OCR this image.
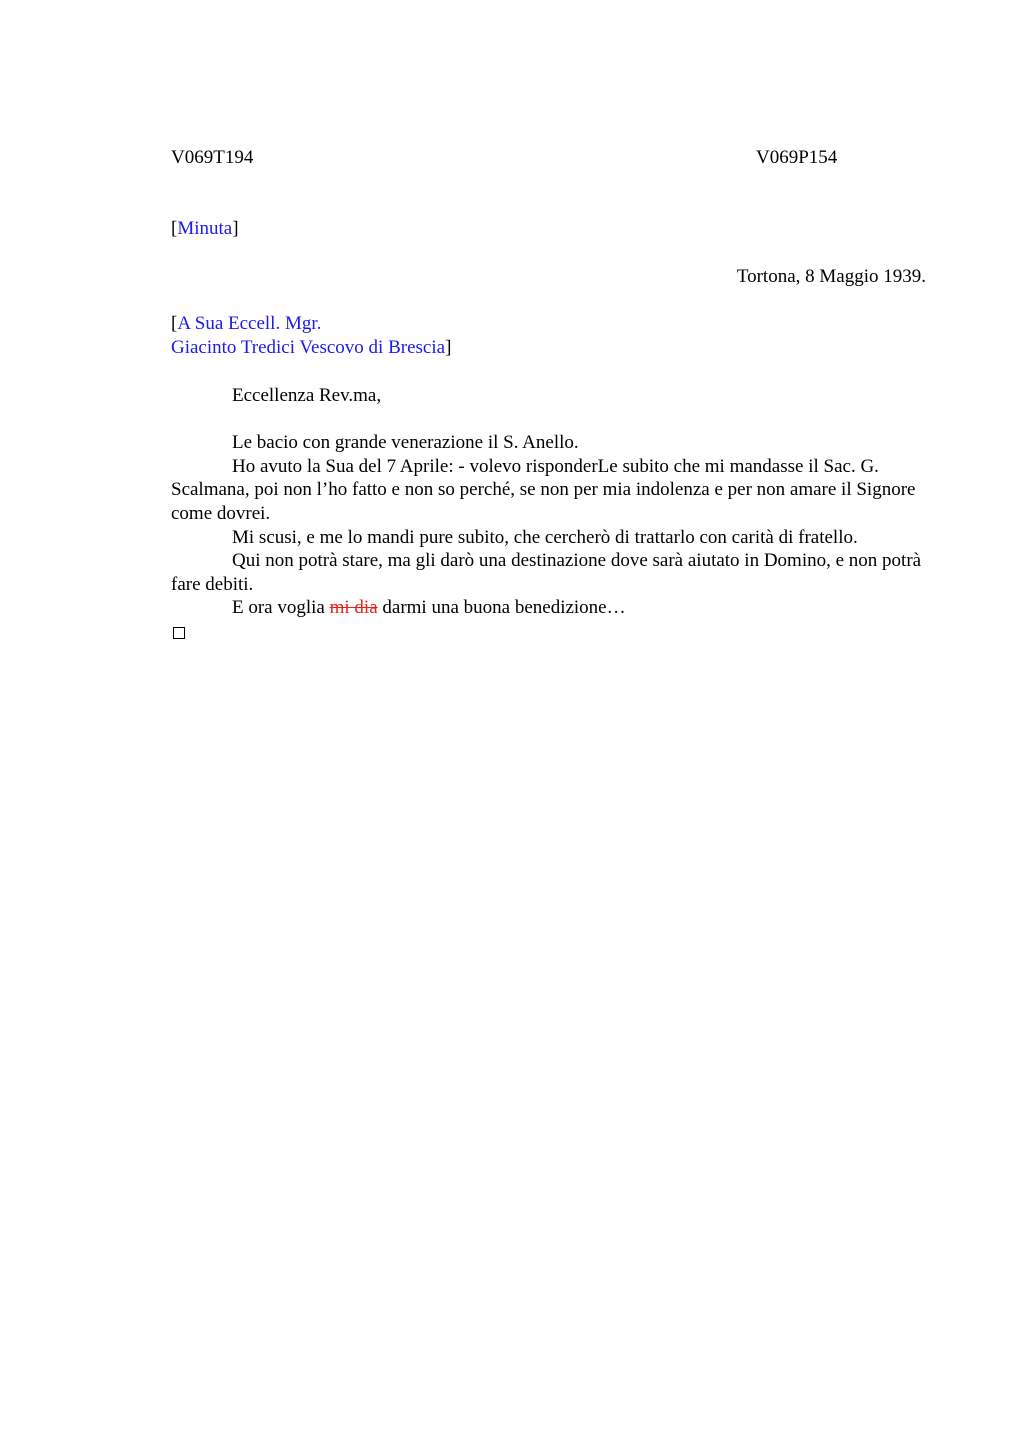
V069T194	V069P154
[Minuta]
Tortona, 8 Maggio 1939.
[A Sua Eccell. Mgr.
Giacinto Tredici Vescovo di Brescia]

Eccellenza Rev.ma,

Le bacio con grande venerazione il S. Anello.

Ho avuto la Sua del 7 Aprile: - volevo risponderLe subito che mi mandasse il Sac. G. Scalmana, poi non l’ho fatto e non so perché, se non per mia indolenza e per non amare il Signore come dovrei.

Mi scusi, e me lo mandi pure subito, che cercherò di trattarlo con carità di fratello.

Qui non potrà stare, ma gli darò una destinazione dove sarà aiutato in Domino, e non potrà fare debiti.

E ora voglia mi dia darmi una buona benedizione…
